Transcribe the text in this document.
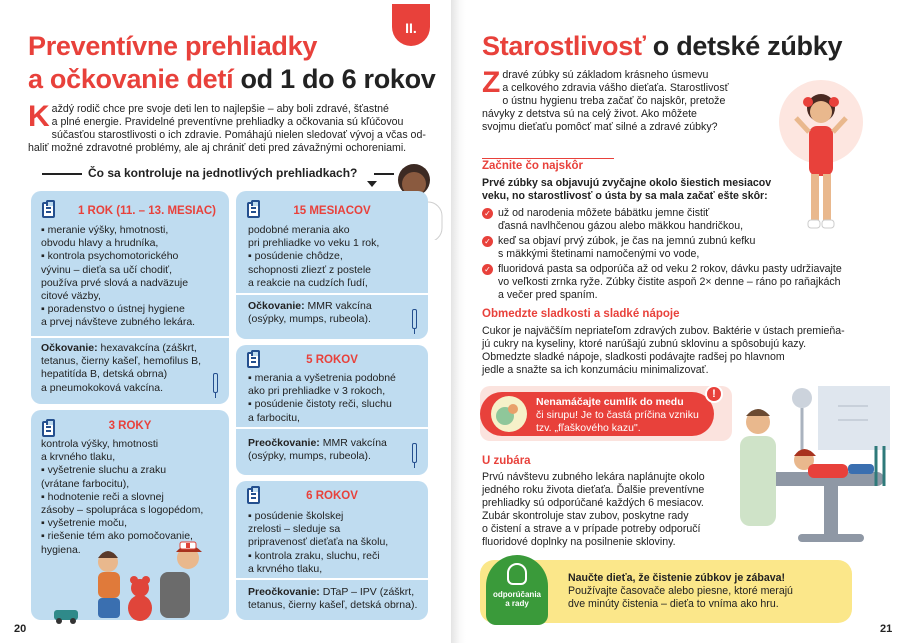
II.
Preventívne prehliadky
a očkovanie detí od 1 do 6 rokov
K aždý rodič chce pre svoje deti len to najlepšie – aby boli zdravé, šťastné
a plné energie. Pravidelné preventívne prehliadky a očkovania sú kľúčovou
súčasťou starostlivosti o ich zdravie. Pomáhajú nielen sledovať vývoj a včas od-
haliť možné zdravotné problémy, ale aj chrániť deti pred závažnými ochoreniami.
Čo sa kontroluje na jednotlivých prehliadkach?
1 ROK (11. – 13. MESIAC)
▪ meranie výšky, hmotnosti,
obvodu hlavy a hrudníka,
▪ kontrola psychomotorického
vývinu – dieťa sa učí chodiť,
používa prvé slová a nadväzuje
citové väzby,
▪ poradenstvo o ústnej hygiene
a prvej návšteve zubného lekára.
Očkovanie: hexavakcína (záškrt,
tetanus, čierny kašeľ, hemofilus B,
hepatitída B, detská obrna)
a pneumokoková vakcína.
15 MESIACOV
podobné merania ako
pri prehliadke vo veku 1 rok,
▪ posúdenie chôdze,
schopnosti zliezť z postele
a reakcie na cudzích ľudí,
Očkovanie: MMR vakcína
(osýpky, mumps, rubeola).
3 ROKY
kontrola výšky, hmotnosti
a krvného tlaku,
▪ vyšetrenie sluchu a zraku
(vrátane farbocitu),
▪ hodnotenie reči a slovnej
zásoby – spolupráca s logopédom,
▪ vyšetrenie moču,
▪ riešenie tém ako pomočovanie,
hygiena.
5 ROKOV
▪ merania a vyšetrenia podobné
ako pri prehliadke v 3 rokoch,
▪ posúdenie čistoty reči, sluchu
a farbocitu,
Preočkovanie: MMR vakcína
(osýpky, mumps, rubeola).
6 ROKOV
▪ posúdenie školskej
zrelosti – sleduje sa
pripravenosť dieťaťa na školu,
▪ kontrola zraku, sluchu, reči
a krvného tlaku,
Preočkovanie: DTaP – IPV (záškrt,
tetanus, čierny kašeľ, detská obrna).
20
Starostlivosť o detské zúbky
Z dravé zúbky sú základom krásneho úsmevu
a celkového zdravia vášho dieťaťa. Starostlivosť
o ústnu hygienu treba začať čo najskôr, pretože
návyky z detstva sú na celý život. Ako môžete
svojmu dieťaťu pomôcť mať silné a zdravé zúbky?
Začnite čo najskôr
Prvé zúbky sa objavujú zvyčajne okolo šiestich mesiacov
veku, no starostlivosť o ústa by sa mala začať ešte skôr:
✓ už od narodenia môžete bábätku jemne čistiť
ďasná navlhčenou gázou alebo mäkkou handričkou,
✓ keď sa objaví prvý zúbok, je čas na jemnú zubnú kefku
s mäkkými štetinami namočenými vo vode,
✓ fluoridová pasta sa odporúča až od veku 2 rokov, dávku pasty udržiavajte
vo veľkosti zrnka ryže. Zúbky čistite aspoň 2× denne – ráno po raňajkách
a večer pred spaním.
Obmedzte sladkosti a sladké nápoje
Cukor je najväčším nepriateľom zdravých zubov. Baktérie v ústach premieňa-
jú cukry na kyseliny, ktoré narúšajú zubnú sklovinu a spôsobujú kazy.
Obmedzte sladké nápoje, sladkosti podávajte radšej po hlavnom
jedle a snažte sa ich konzumáciu minimalizovať.
Nenamáčajte cumlík do medu
či sirupu! Je to častá príčina vzniku
tzv. „fľaškového kazu".
!
U zubára
Prvú návštevu zubného lekára naplánujte okolo
jedného roku života dieťaťa. Ďalšie preventívne
prehliadky sú odporúčané každých 6 mesiacov.
Zubár skontroluje stav zubov, poskytne rady
o čistení a strave a v prípade potreby odporučí
fluoridové doplnky na posilnenie skloviny.
odporúčania
a rady
Naučte dieťa, že čistenie zúbkov je zábava!
Používajte časovače alebo piesne, ktoré merajú
dve minúty čistenia – dieťa to vníma ako hru.
21
